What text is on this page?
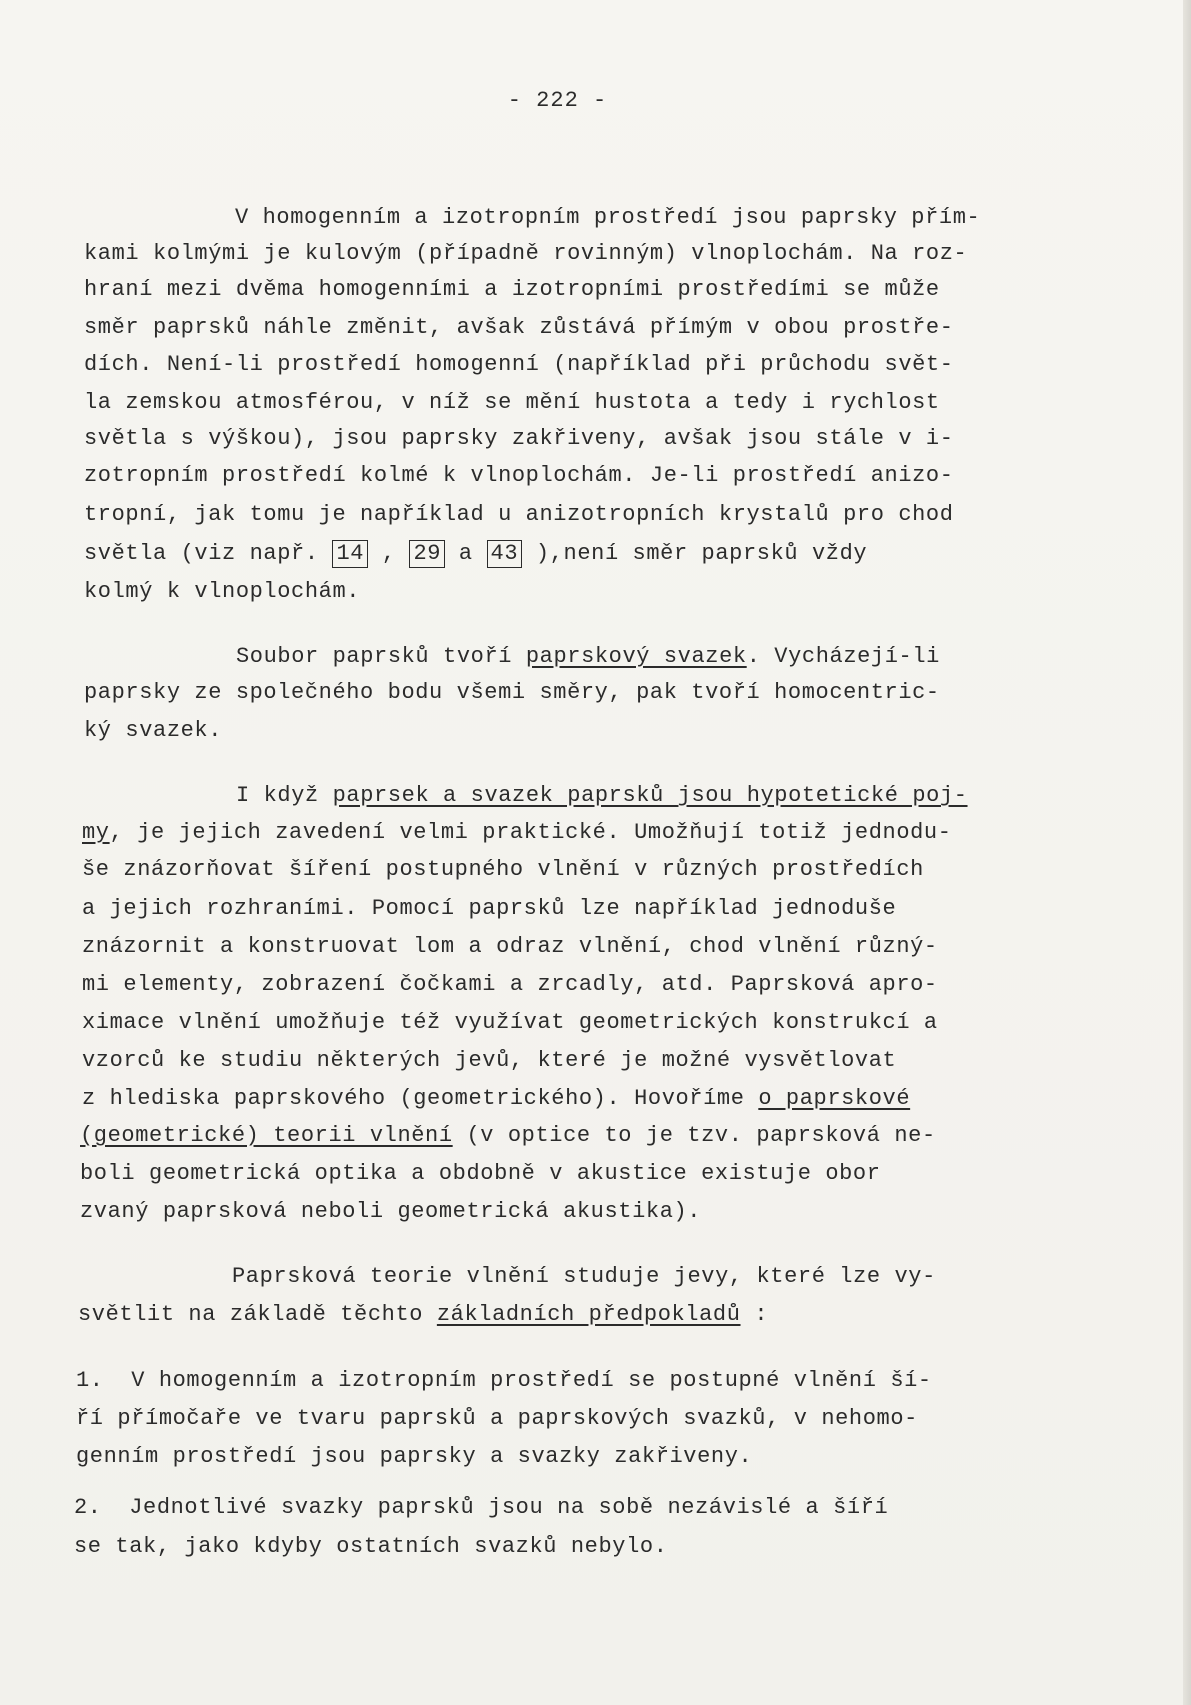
- 222 -
V homogenním a izotropním prostředí jsou paprsky přím-
kami kolmými je kulovým (případně rovinným) vlnoplochám. Na roz-
hraní mezi dvěma homogenními a izotropními prostředími se může
směr paprsků náhle změnit, avšak zůstává přímým v obou prostře-
dích. Není-li prostředí homogenní (například při průchodu svět-
la zemskou atmosférou, v níž se mění hustota a tedy i rychlost
světla s výškou), jsou paprsky zakřiveny, avšak jsou stále v i-
zotropním prostředí kolmé k vlnoplochám. Je-li prostředí anizo-
tropní, jak tomu je například u anizotropních krystalů pro chod
světla (viz např. 14 , 29 a 43 ),není směr paprsků vždy
kolmý k vlnoplochám.
Soubor paprsků tvoří paprskový svazek. Vycházejí-li
paprsky ze společného bodu všemi směry, pak tvoří homocentric-
ký svazek.
I když paprsek a svazek paprsků jsou hypotetické poj-
my, je jejich zavedení velmi praktické. Umožňují totiž jednodu-
še znázorňovat šíření postupného vlnění v různých prostředích
a jejich rozhraními. Pomocí paprsků lze například jednoduše
znázornit a konstruovat lom a odraz vlnění, chod vlnění různý-
mi elementy, zobrazení čočkami a zrcadly, atd. Paprsková apro-
ximace vlnění umožňuje též využívat geometrických konstrukcí a
vzorců ke studiu některých jevů, které je možné vysvětlovat
z hlediska paprskového (geometrického). Hovoříme o paprskové
(geometrické) teorii vlnění (v optice to je tzv. paprsková ne-
boli geometrická optika a obdobně v akustice existuje obor
zvaný paprsková neboli geometrická akustika).
Paprsková teorie vlnění studuje jevy, které lze vy-
světlit na základě těchto základních předpokladů :
1.  V homogenním a izotropním prostředí se postupné vlnění ší-
ří přímočaře ve tvaru paprsků a paprskových svazků, v nehomo-
genním prostředí jsou paprsky a svazky zakřiveny.
2.  Jednotlivé svazky paprsků jsou na sobě nezávislé a šíří
se tak, jako kdyby ostatních svazků nebylo.
